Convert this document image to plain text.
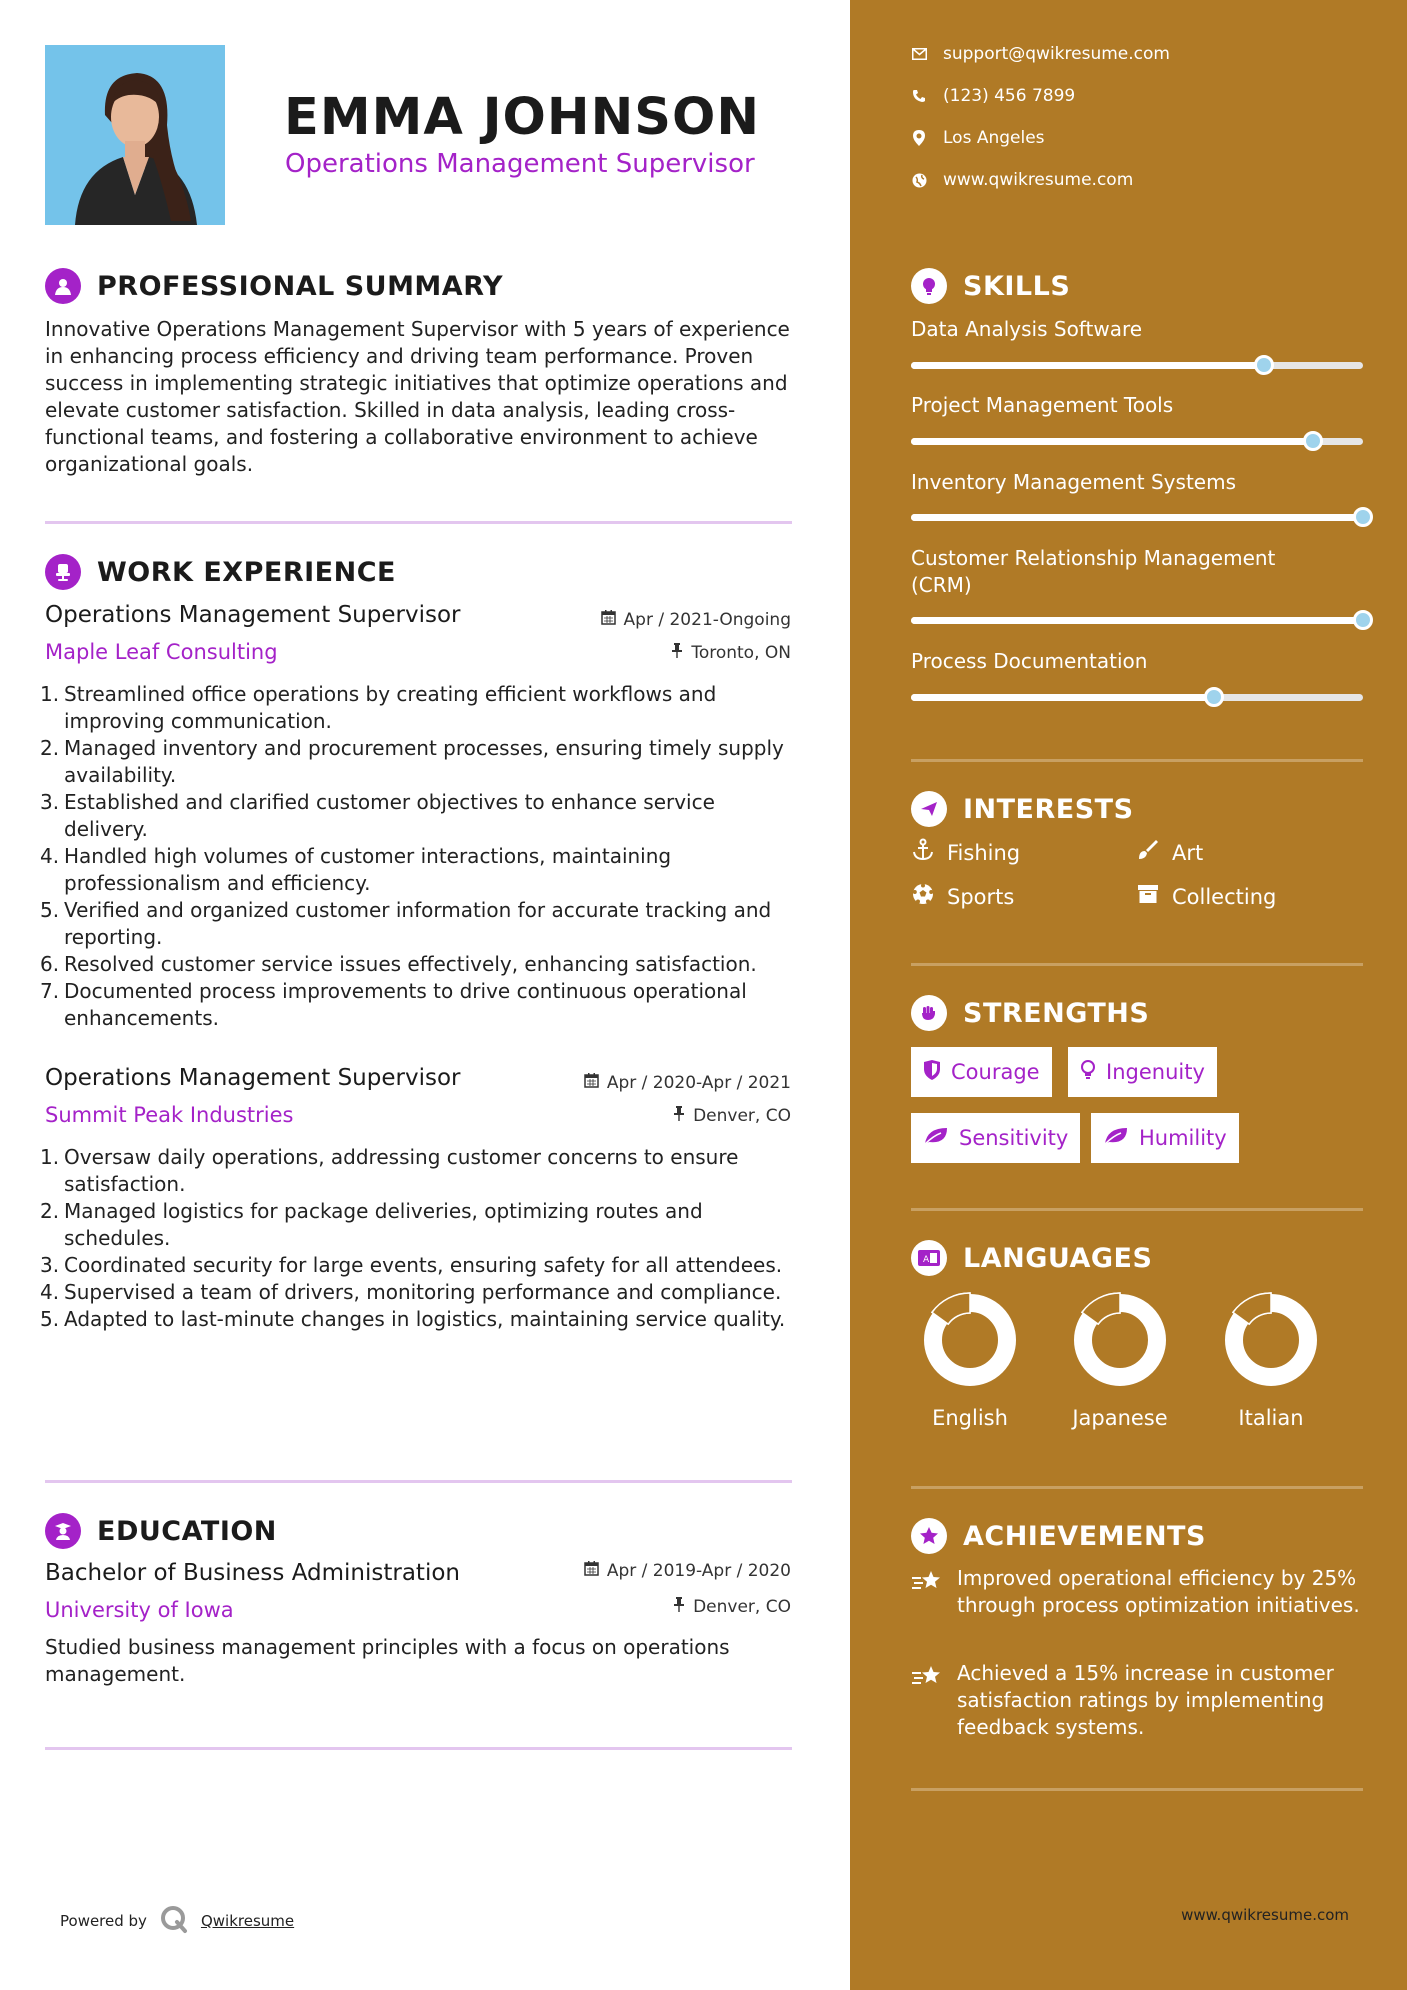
EMMA JOHNSON
Operations Management Supervisor
PROFESSIONAL SUMMARY
Innovative Operations Management Supervisor with 5 years of experience in enhancing process efficiency and driving team performance. Proven success in implementing strategic initiatives that optimize operations and elevate customer satisfaction. Skilled in data analysis, leading cross-functional teams, and fostering a collaborative environment to achieve organizational goals.
WORK EXPERIENCE
Operations Management Supervisor	Apr / 2021-Ongoing
Maple Leaf Consulting	Toronto, ON
1. Streamlined office operations by creating efficient workflows and improving communication.
2. Managed inventory and procurement processes, ensuring timely supply availability.
3. Established and clarified customer objectives to enhance service delivery.
4. Handled high volumes of customer interactions, maintaining professionalism and efficiency.
5. Verified and organized customer information for accurate tracking and reporting.
6. Resolved customer service issues effectively, enhancing satisfaction.
7. Documented process improvements to drive continuous operational enhancements.
Operations Management Supervisor	Apr / 2020-Apr / 2021
Summit Peak Industries	Denver, CO
1. Oversaw daily operations, addressing customer concerns to ensure satisfaction.
2. Managed logistics for package deliveries, optimizing routes and schedules.
3. Coordinated security for large events, ensuring safety for all attendees.
4. Supervised a team of drivers, monitoring performance and compliance.
5. Adapted to last-minute changes in logistics, maintaining service quality.
EDUCATION
Bachelor of Business Administration	Apr / 2019-Apr / 2020
University of Iowa	Denver, CO
Studied business management principles with a focus on operations management.
Powered by	Qwikresume
support@qwikresume.com
(123) 456 7899
Los Angeles
www.qwikresume.com
SKILLS
Data Analysis Software
Project Management Tools
Inventory Management Systems
Customer Relationship Management (CRM)
Process Documentation
INTERESTS
Fishing	Art
Sports	Collecting
STRENGTHS
Courage	Ingenuity
Sensitivity	Humility
A LANGUAGES
English	Japanese	Italian
ACHIEVEMENTS
Improved operational efficiency by 25% through process optimization initiatives.
Achieved a 15% increase in customer satisfaction ratings by implementing feedback systems.
www.qwikresume.com
